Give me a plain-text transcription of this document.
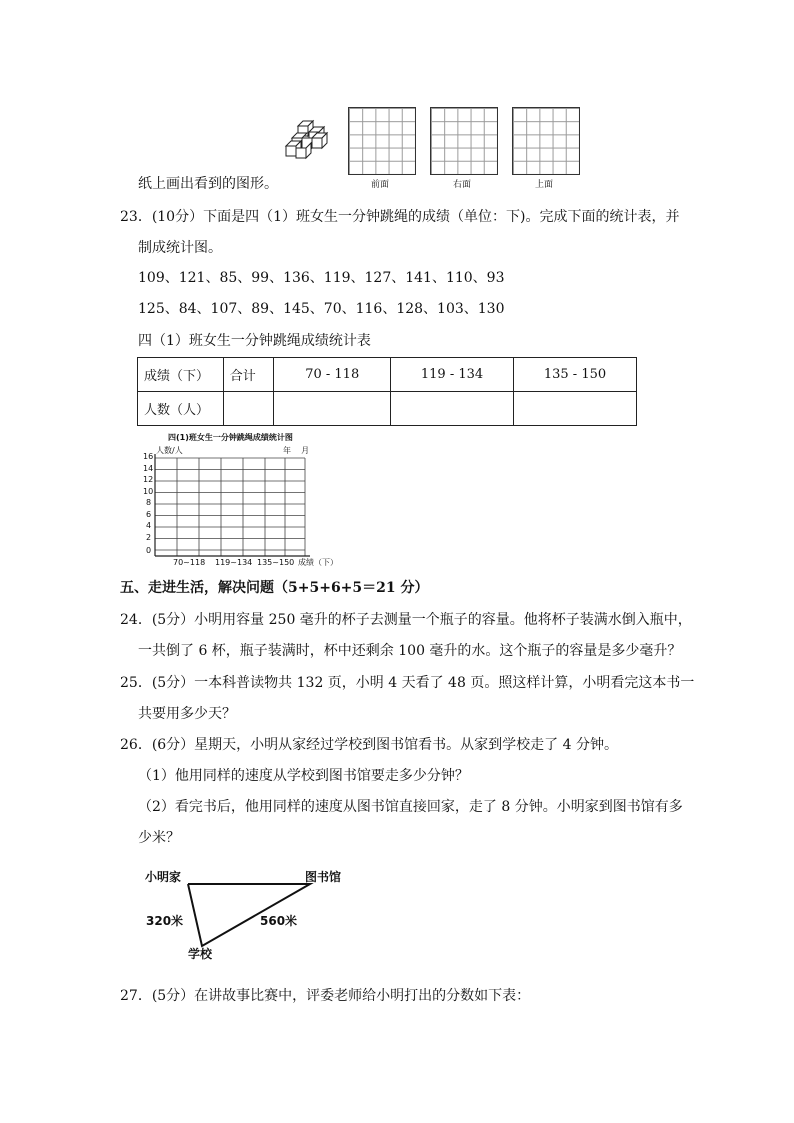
前面	右面	上面
纸上画出看到的图形。
23．(10分）下面是四（1）班女生一分钟跳绳的成绩（单位：下)。完成下面的统计表，并
制成统计图。
109、121、85、99、136、119、127、141、110、93
125、84、107、89、145、70、116、128、103、130
四（1）班女生一分钟跳绳成绩统计表
成绩（下）	合计	70 - 118	119 - 134	135 - 150
人数（人）				
四(1)班女生一分钟跳绳成绩统计图
人数/人	年    月
16
14
12
10
8
6
4
2
0
70~118 119~134 135~150 成绩（下）
五、走进生活，解决问题（5+5+6+5＝21 分）
24．(5分）小明用容量 250 毫升的杯子去测量一个瓶子的容量。他将杯子装满水倒入瓶中，
一共倒了 6 杯，瓶子装满时，杯中还剩余 100 毫升的水。这个瓶子的容量是多少毫升？
25．(5分）一本科普读物共 132 页，小明 4 天看了 48 页。照这样计算，小明看完这本书一
共要用多少天？
26．(6分）星期天，小明从家经过学校到图书馆看书。从家到学校走了 4 分钟。
（1）他用同样的速度从学校到图书馆要走多少分钟？
（2）看完书后，他用同样的速度从图书馆直接回家，走了 8 分钟。小明家到图书馆有多
少米？
小明家	图书馆
320米	560米
学校
27．(5分）在讲故事比赛中，评委老师给小明打出的分数如下表：
